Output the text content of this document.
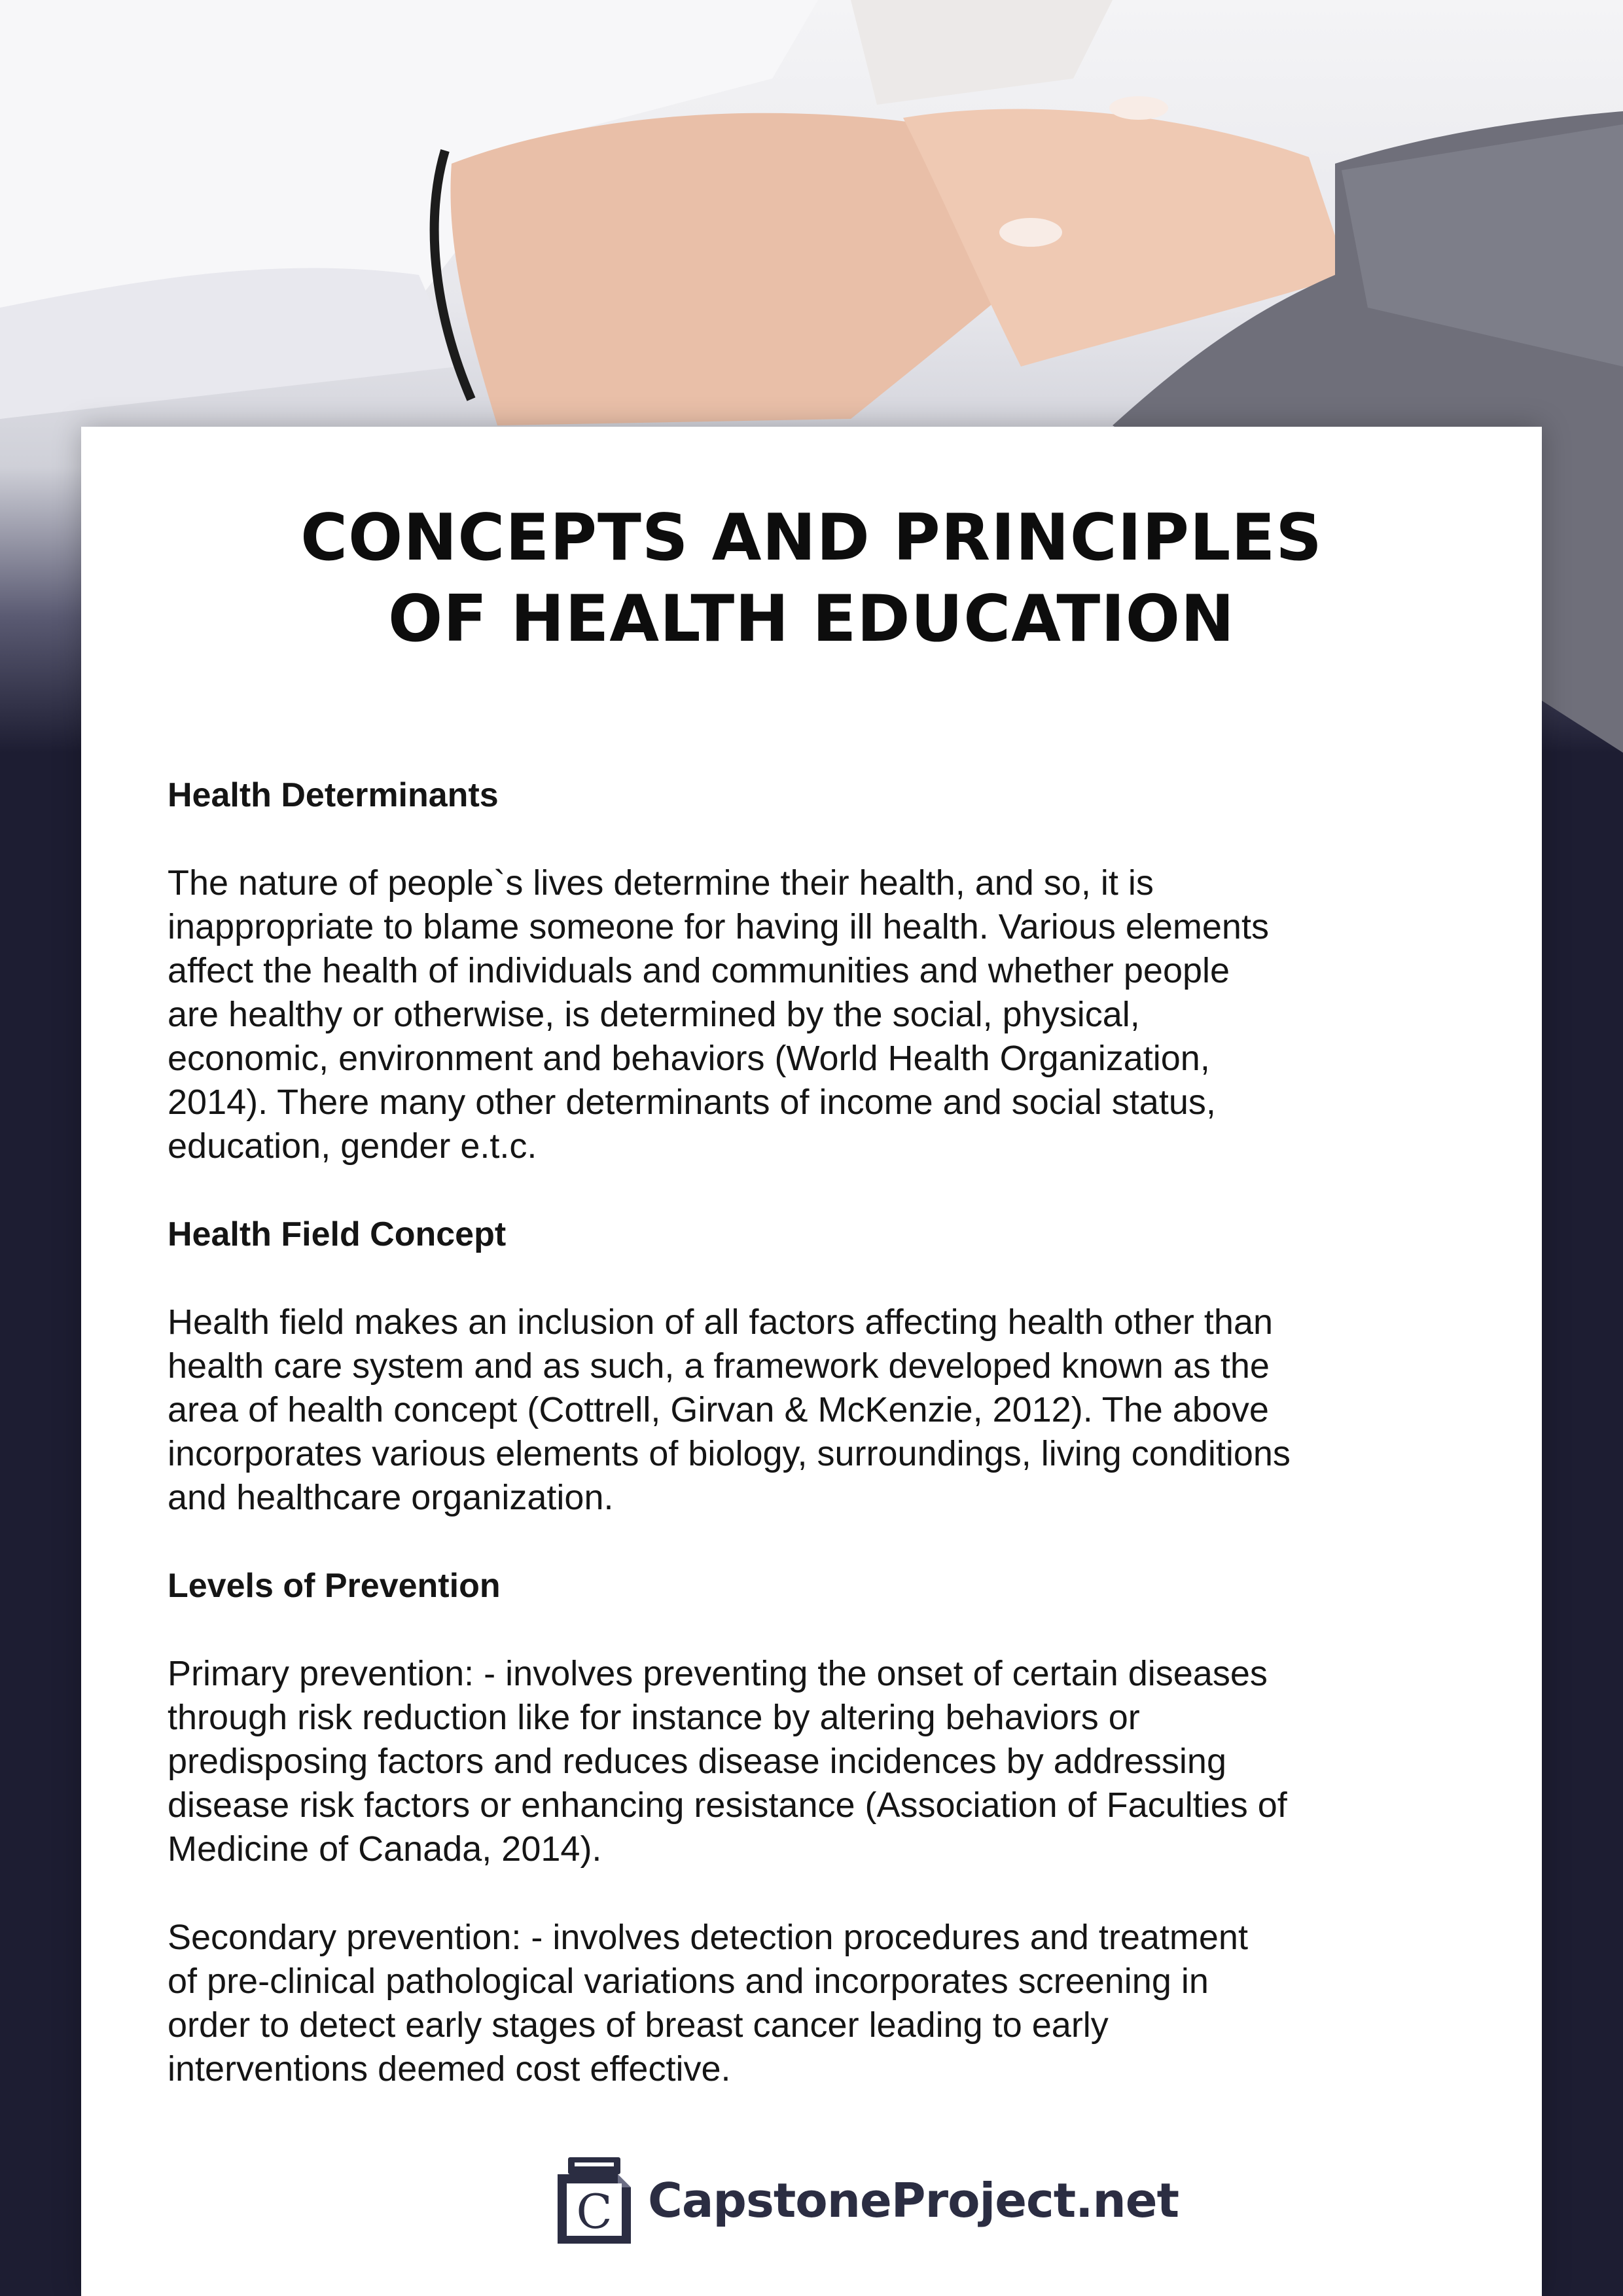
CONCEPTS AND PRINCIPLES
OF HEALTH EDUCATION
Health Determinants
The nature of people`s lives determine their health, and so, it is
inappropriate to blame someone for having ill health. Various elements
affect the health of individuals and communities and whether people
are healthy or otherwise, is determined by the social, physical,
economic, environment and behaviors (World Health Organization,
2014). There many other determinants of income and social status,
education, gender e.t.c.
Health Field Concept
Health field makes an inclusion of all factors affecting health other than
health care system and as such, a framework developed known as the
area of health concept (Cottrell, Girvan & McKenzie, 2012). The above
incorporates various elements of biology, surroundings, living conditions
and healthcare organization.
Levels of Prevention
Primary prevention: - involves preventing the onset of certain diseases
through risk reduction like for instance by altering behaviors or
predisposing factors and reduces disease incidences by addressing
disease risk factors or enhancing resistance (Association of Faculties of
Medicine of Canada, 2014).
Secondary prevention: - involves detection procedures and treatment
of pre-clinical pathological variations and incorporates screening in
order to detect early stages of breast cancer leading to early
interventions deemed cost effective.
C CapstoneProject.net
